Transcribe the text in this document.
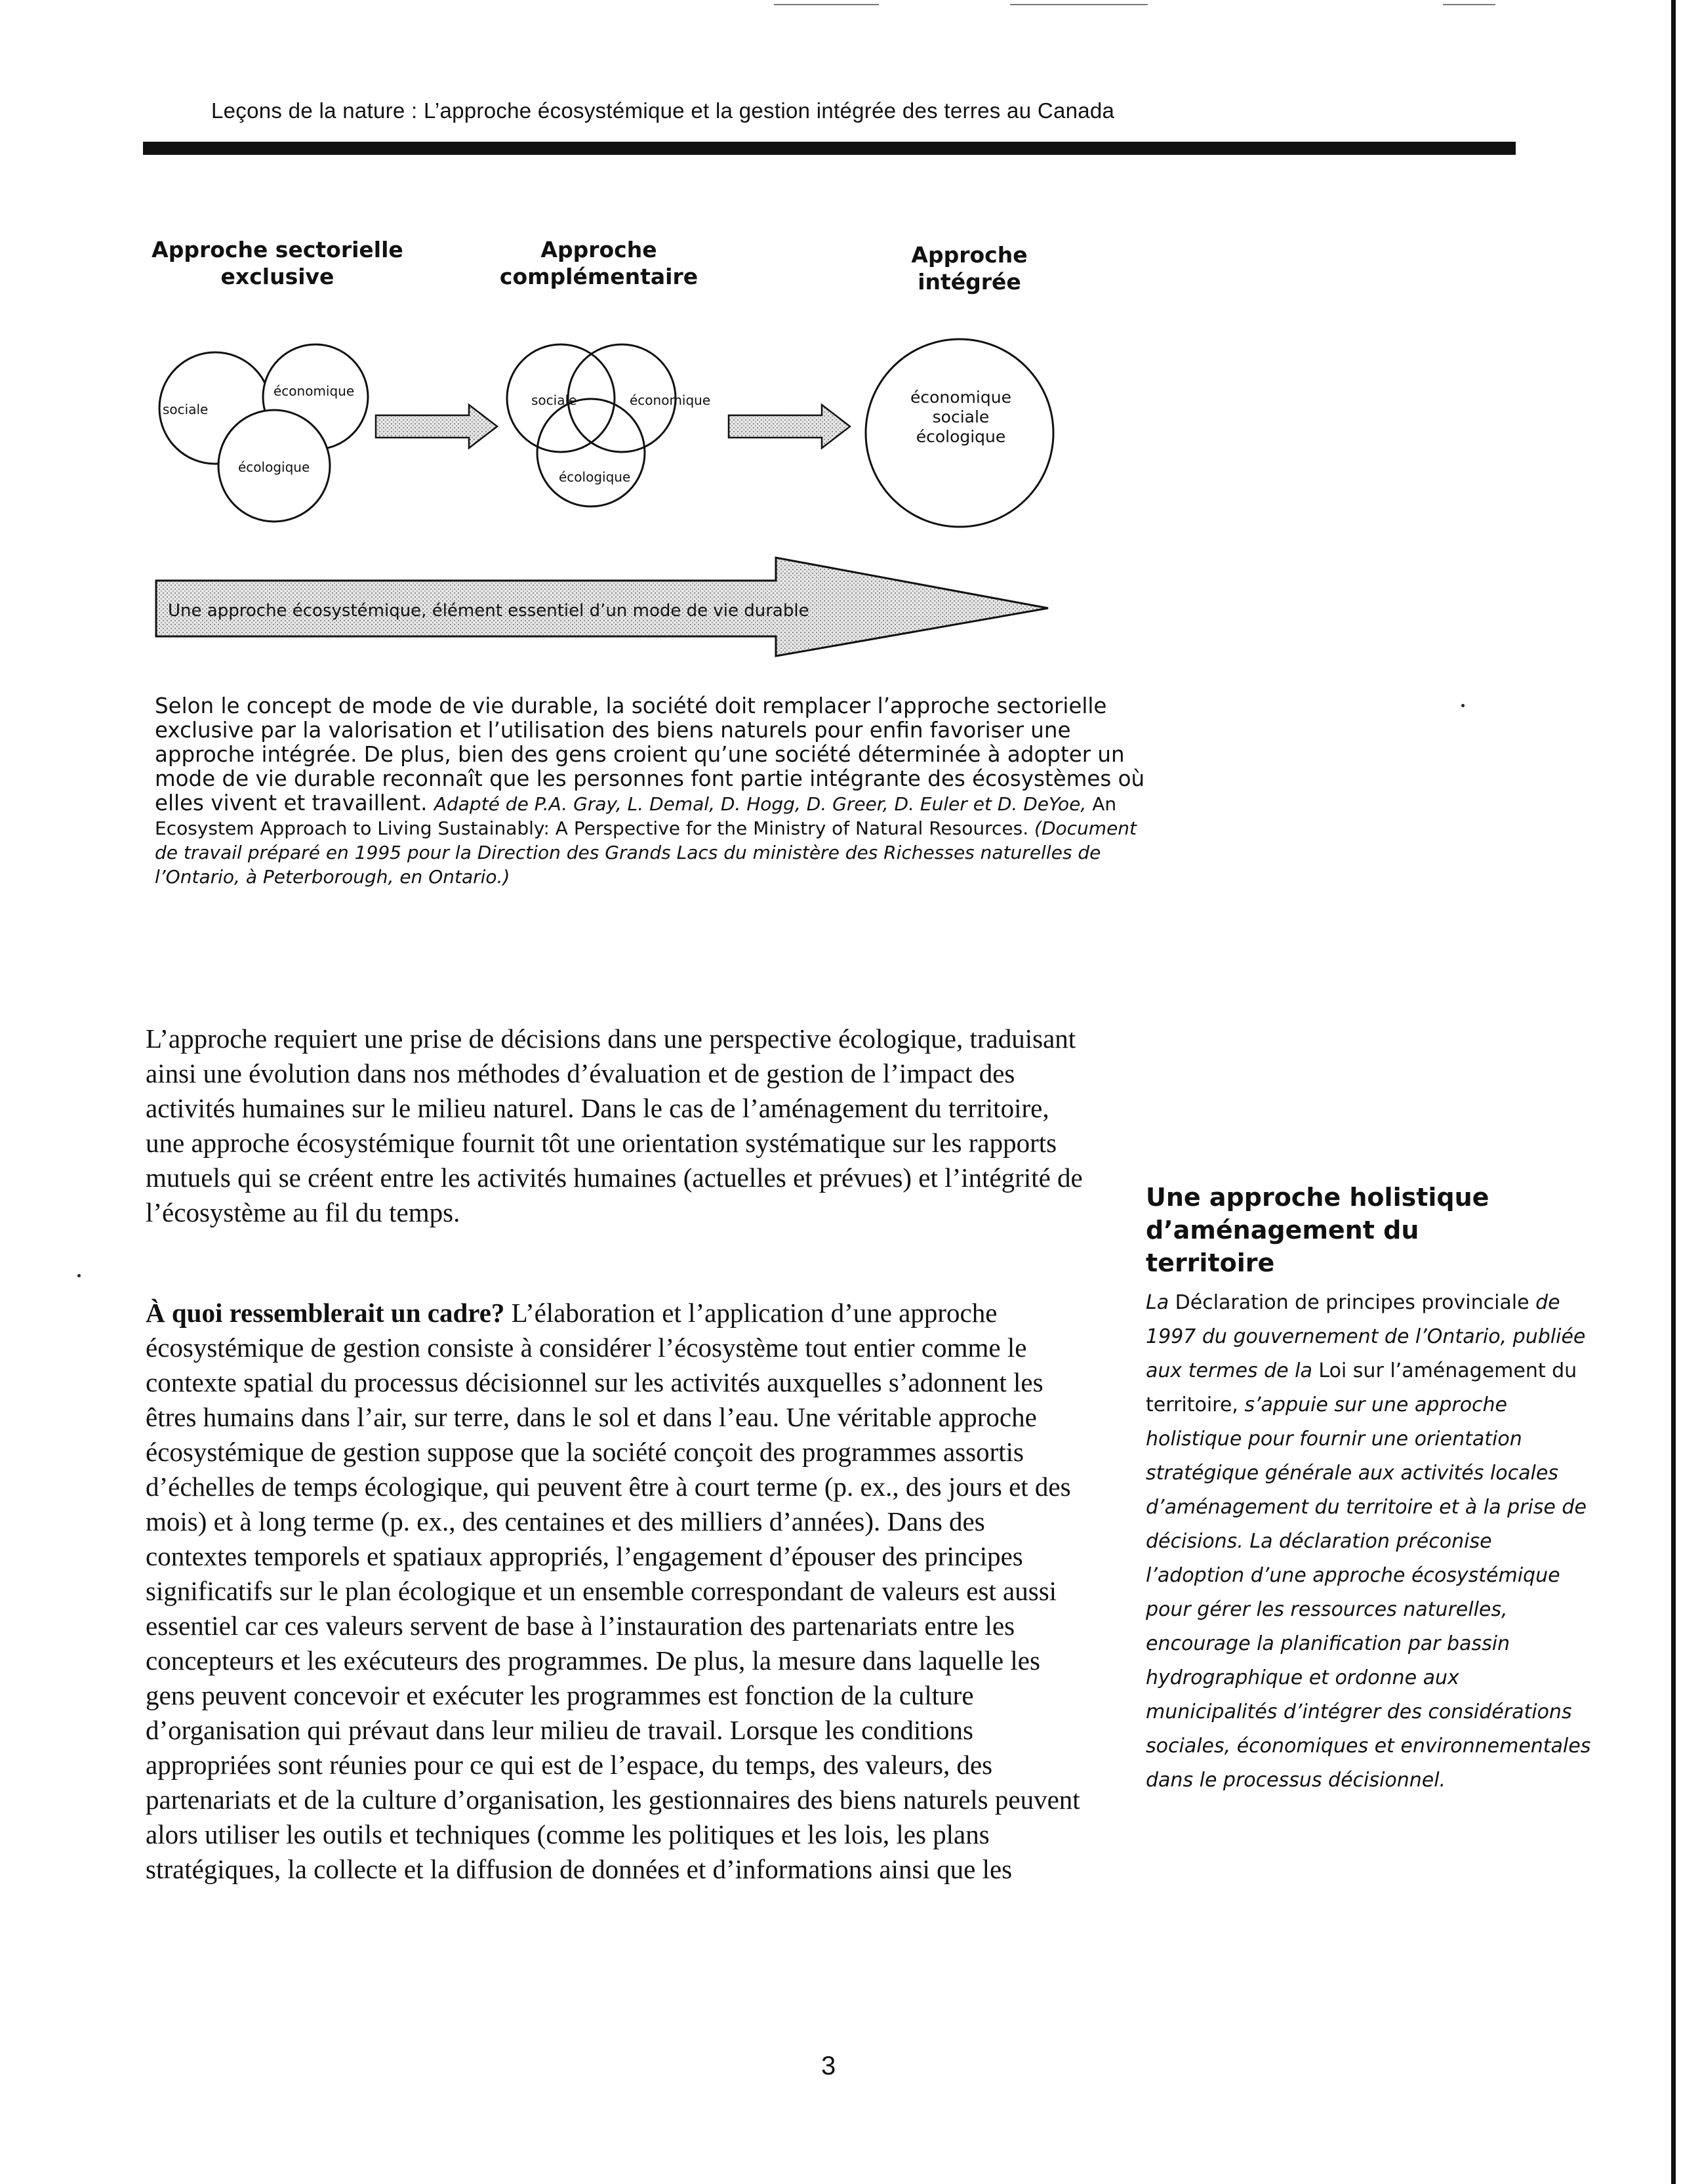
Leçons de la nature : L’approche écosystémique et la gestion intégrée des terres au Canada
Approche sectorielle
exclusive
Approche
complémentaire
Approche
intégrée
sociale
économique
écologique
sociale	économique
écologique
économique
sociale
écologique
Une approche écosystémique, élément essentiel d’un mode de vie durable

Selon le concept de mode de vie durable, la société doit remplacer l’approche sectorielle exclusive par la valorisation et l’utilisation des biens naturels pour enfin favoriser une approche intégrée. De plus, bien des gens croient qu’une société déterminée à adopter un mode de vie durable reconnaît que les personnes font partie intégrante des écosystèmes où elles vivent et travaillent. Adapté de P.A. Gray, L. Demal, D. Hogg, D. Greer, D. Euler et D. DeYoe, An Ecosystem Approach to Living Sustainably: A Perspective for the Ministry of Natural Resources. (Document de travail préparé en 1995 pour la Direction des Grands Lacs du ministère des Richesses naturelles de l’Ontario, à Peterborough, en Ontario.)

L’approche requiert une prise de décisions dans une perspective écologique, traduisant ainsi une évolution dans nos méthodes d’évaluation et de gestion de l’impact des activités humaines sur le milieu naturel. Dans le cas de l’aménagement du territoire, une approche écosystémique fournit tôt une orientation systématique sur les rapports mutuels qui se créent entre les activités humaines (actuelles et prévues) et l’intégrité de l’écosystème au fil du temps.

À quoi ressemblerait un cadre? L’élaboration et l’application d’une approche écosystémique de gestion consiste à considérer l’écosystème tout entier comme le contexte spatial du processus décisionnel sur les activités auxquelles s’adonnent les êtres humains dans l’air, sur terre, dans le sol et dans l’eau. Une véritable approche écosystémique de gestion suppose que la société conçoit des programmes assortis d’échelles de temps écologique, qui peuvent être à court terme (p. ex., des jours et des mois) et à long terme (p. ex., des centaines et des milliers d’années). Dans des contextes temporels et spatiaux appropriés, l’engagement d’épouser des principes significatifs sur le plan écologique et un ensemble correspondant de valeurs est aussi essentiel car ces valeurs servent de base à l’instauration des partenariats entre les concepteurs et les exécuteurs des programmes. De plus, la mesure dans laquelle les gens peuvent concevoir et exécuter les programmes est fonction de la culture d’organisation qui prévaut dans leur milieu de travail. Lorsque les conditions appropriées sont réunies pour ce qui est de l’espace, du temps, des valeurs, des partenariats et de la culture d’organisation, les gestionnaires des biens naturels peuvent alors utiliser les outils et techniques (comme les politiques et les lois, les plans stratégiques, la collecte et la diffusion de données et d’informations ainsi que les

Une approche holistique d’aménagement du territoire
La Déclaration de principes provinciale de 1997 du gouvernement de l’Ontario, publiée aux termes de la Loi sur l’aménagement du territoire, s’appuie sur une approche holistique pour fournir une orientation stratégique générale aux activités locales d’aménagement du territoire et à la prise de décisions. La déclaration préconise l’adoption d’une approche écosystémique pour gérer les ressources naturelles, encourage la planification par bassin hydrographique et ordonne aux municipalités d’intégrer des considérations sociales, économiques et environnementales dans le processus décisionnel.
3
